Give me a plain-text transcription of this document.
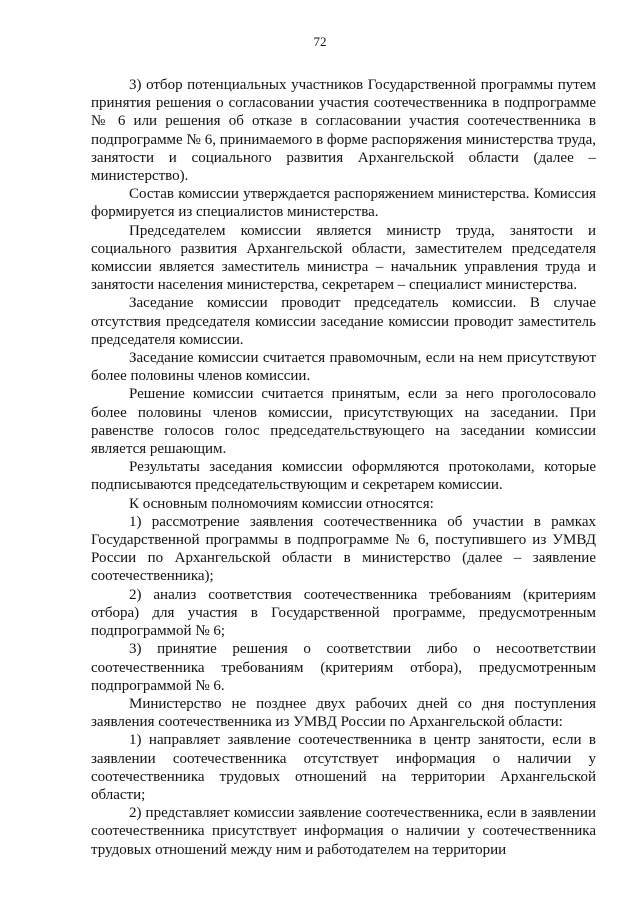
72

3) отбор потенциальных участников Государственной программы путем принятия решения о согласовании участия соотечественника в подпрограмме № 6 или решения об отказе в согласовании участия соотечественника в подпрограмме № 6, принимаемого в форме распоряжения министерства труда, занятости и социального развития Архангельской области (далее – министерство).

Состав комиссии утверждается распоряжением министерства. Комиссия формируется из специалистов министерства.

Председателем комиссии является министр труда, занятости и социального развития Архангельской области, заместителем председателя комиссии является заместитель министра – начальник управления труда и занятости населения министерства, секретарем – специалист министерства.

Заседание комиссии проводит председатель комиссии. В случае отсутствия председателя комиссии заседание комиссии проводит заместитель председателя комиссии.

Заседание комиссии считается правомочным, если на нем присутствуют более половины членов комиссии.

Решение комиссии считается принятым, если за него проголосовало более половины членов комиссии, присутствующих на заседании. При равенстве голосов голос председательствующего на заседании комиссии является решающим.

Результаты заседания комиссии оформляются протоколами, которые подписываются председательствующим и секретарем комиссии.

К основным полномочиям комиссии относятся:

1) рассмотрение заявления соотечественника об участии в рамках Государственной программы в подпрограмме № 6, поступившего из УМВД России по Архангельской области в министерство (далее – заявление соотечественника);

2) анализ соответствия соотечественника требованиям (критериям отбора) для участия в Государственной программе, предусмотренным подпрограммой № 6;

3) принятие решения о соответствии либо о несоответствии соотечественника требованиям (критериям отбора), предусмотренным подпрограммой № 6.

Министерство не позднее двух рабочих дней со дня поступления заявления соотечественника из УМВД России по Архангельской области:

1) направляет заявление соотечественника в центр занятости, если в заявлении соотечественника отсутствует информация о наличии у соотечественника трудовых отношений на территории Архангельской области;

2) представляет комиссии заявление соотечественника, если в заявлении соотечественника присутствует информация о наличии у соотечественника трудовых отношений между ним и работодателем на территории
